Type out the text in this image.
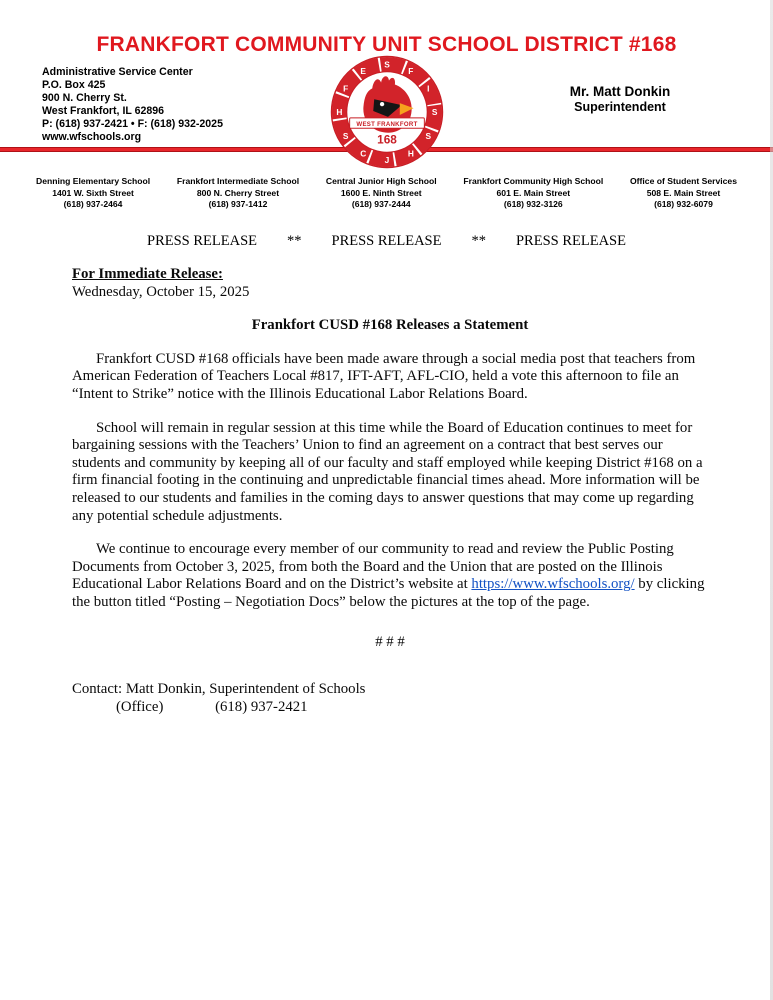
FRANKFORT COMMUNITY UNIT SCHOOL DISTRICT #168
Administrative Service Center
P.O. Box 425
900 N. Cherry St.
West Frankfort, IL 62896
P: (618) 937-2421 • F: (618) 932-2025
www.wfschools.org
Mr. Matt Donkin
Superintendent
WEST FRANKFORT
168
E
S
F
I
S
S
H
J
C
S
H
F
Denning Elementary School
1401 W. Sixth Street
(618) 937-2464
Frankfort Intermediate School
800 N. Cherry Street
(618) 937-1412
Central Junior High School
1600 E. Ninth Street
(618) 937-2444
Frankfort Community High School
601 E. Main Street
(618) 932-3126
Office of Student Services
508 E. Main Street
(618) 932-6079
PRESS RELEASE ** PRESS RELEASE ** PRESS RELEASE
For Immediate Release:
Wednesday, October 15, 2025
Frankfort CUSD #168 Releases a Statement

Frankfort CUSD #168 officials have been made aware through a social media post that teachers from American Federation of Teachers Local #817, IFT-AFT, AFL-CIO, held a vote this afternoon to file an “Intent to Strike” notice with the Illinois Educational Labor Relations Board.

School will remain in regular session at this time while the Board of Education continues to meet for bargaining sessions with the Teachers’ Union to find an agreement on a contract that best serves our students and community by keeping all of our faculty and staff employed while keeping District #168 on a firm financial footing in the continuing and unpredictable financial times ahead. More information will be released to our students and families in the coming days to answer questions that may come up regarding any potential schedule adjustments.

We continue to encourage every member of our community to read and review the Public Posting Documents from October 3, 2025, from both the Board and the Union that are posted on the Illinois Educational Labor Relations Board and on the District’s website at https://www.wfschools.org/ by clicking the button titled “Posting – Negotiation Docs” below the pictures at the top of the page.

# # #
Contact: Matt Donkin, Superintendent of Schools
(Office)	(618) 937-2421
